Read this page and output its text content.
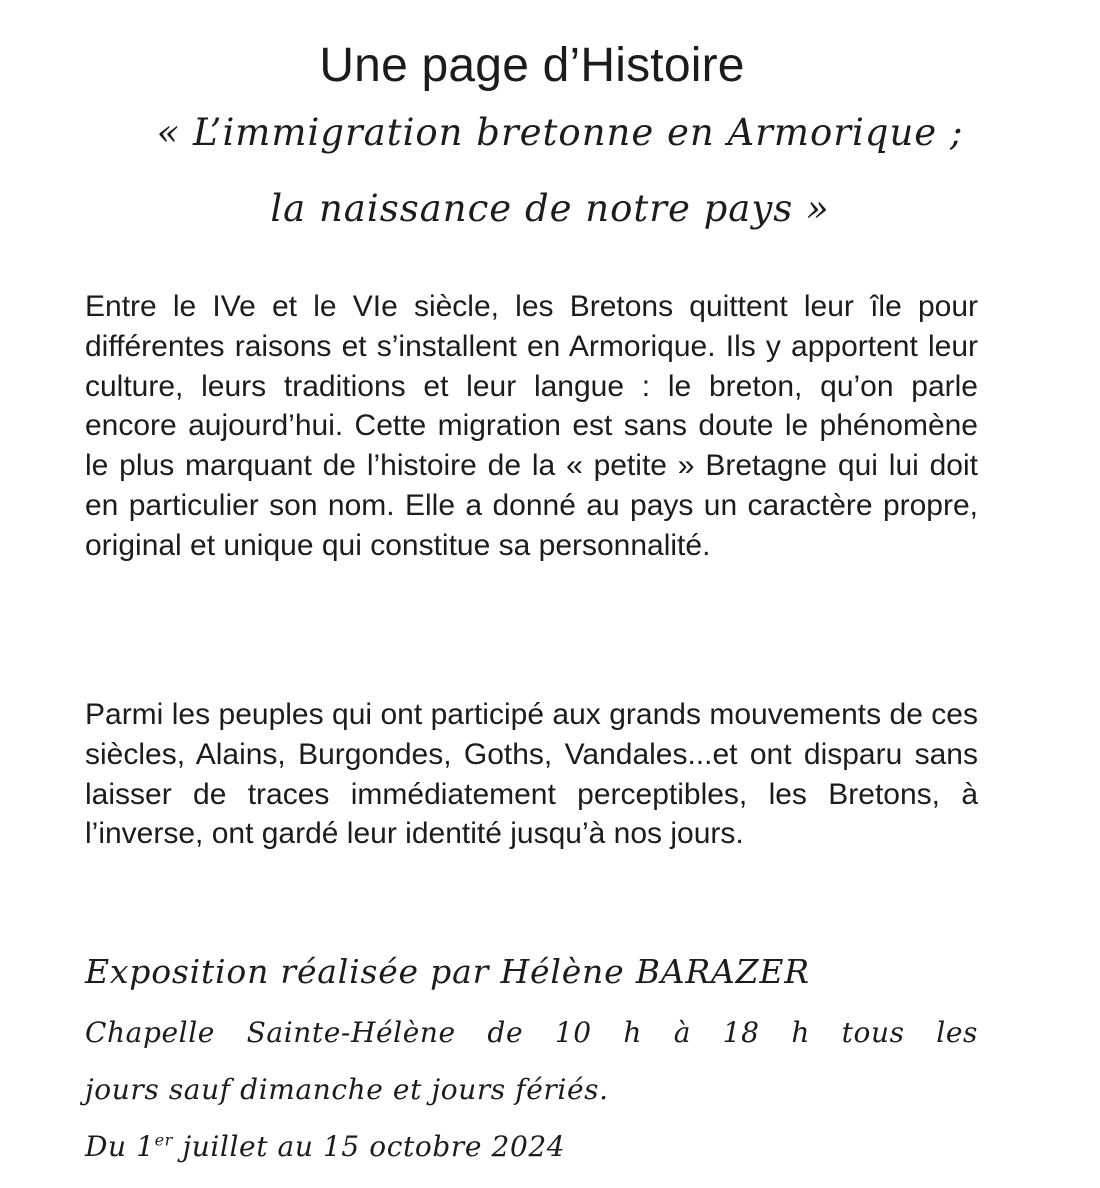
Une page d’Histoire
« L’immigration bretonne en Armorique ;
la naissance de notre pays »

Entre le IVe et le VIe siècle, les Bretons quittent leur île pour différentes raisons et s’installent en Armorique. Ils y apportent leur culture, leurs traditions et leur langue : le breton, qu’on parle encore aujourd’hui. Cette migration est sans doute le phénomène le plus marquant de l’histoire de la « petite » Bretagne qui lui doit en particulier son nom. Elle a donné au pays un caractère propre, original et unique qui constitue sa personnalité.

Parmi les peuples qui ont participé aux grands mouvements de ces siècles, Alains, Burgondes, Goths, Vandales...et ont disparu sans laisser de traces immédiatement perceptibles, les Bretons, à l’inverse, ont gardé leur identité jusqu’à nos jours.

Exposition réalisée par Hélène BARAZER
Chapelle Sainte-Hélène de 10 h à 18 h tous les
jours sauf dimanche et jours fériés.
Du 1er juillet au 15 octobre 2024
